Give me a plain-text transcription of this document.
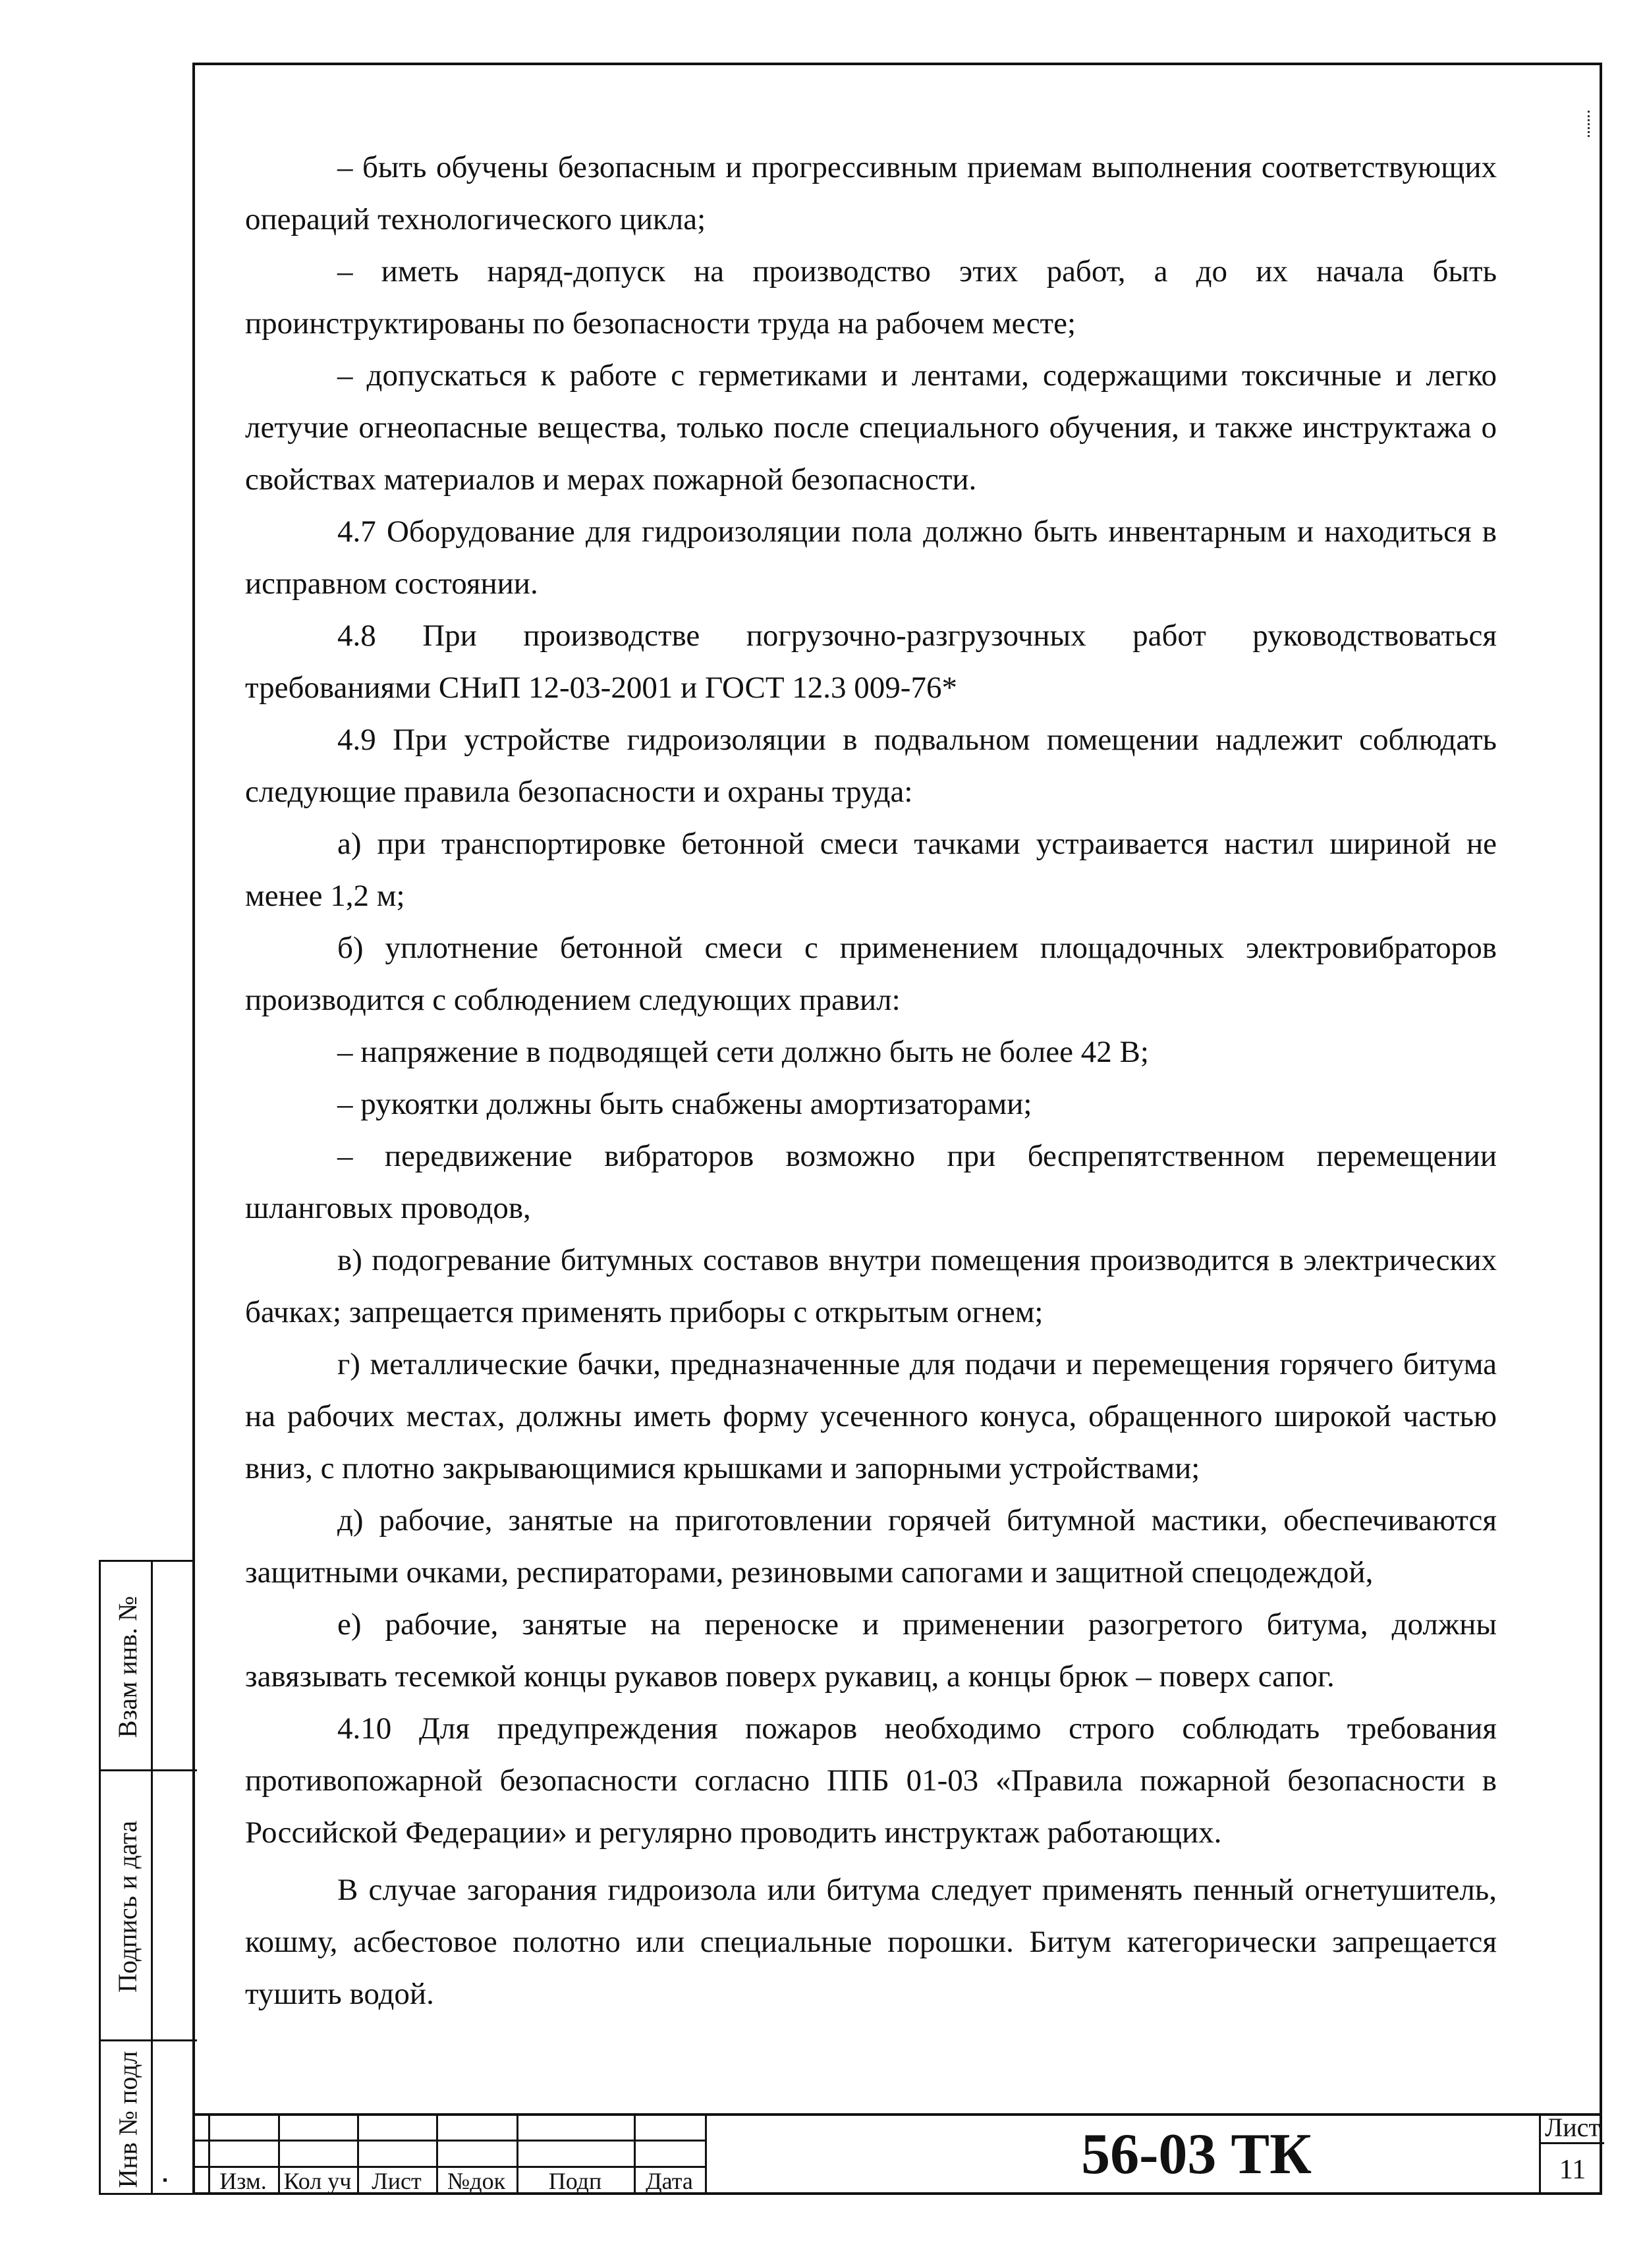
– быть обучены безопасным и прогрессивным приемам выполнения соответствующих операций технологического цикла;

– иметь наряд-допуск на производство этих работ, а до их начала быть проинструктированы по безопасности труда на рабочем месте;

– допускаться к работе с герметиками и лентами, содержащими токсичные и легко летучие огнеопасные вещества, только после специального обучения, и также инструктажа о свойствах материалов и мерах пожарной безопасности.

4.7 Оборудование для гидроизоляции пола должно быть инвентарным и находиться в исправном состоянии.

4.8 При производстве погрузочно-разгрузочных работ руководствоваться требованиями СНиП 12-03-2001 и ГОСТ 12.3 009-76*

4.9 При устройстве гидроизоляции в подвальном помещении надлежит соблюдать следующие правила безопасности и охраны труда:

а) при транспортировке бетонной смеси тачками устраивается настил шириной не менее 1,2 м;

б) уплотнение бетонной смеси с применением площадочных электровибраторов производится с соблюдением следующих правил:

– напряжение в подводящей сети должно быть не более 42 В;

– рукоятки должны быть снабжены амортизаторами;

– передвижение вибраторов возможно при беспрепятственном перемещении шланговых проводов,

в) подогревание битумных составов внутри помещения производится в электрических бачках; запрещается применять приборы с открытым огнем;

г) металлические бачки, предназначенные для подачи и перемещения горячего битума на рабочих местах, должны иметь форму усеченного конуса, обращенного широкой частью вниз, с плотно закрывающимися крышками и запорными устройствами;

д) рабочие, занятые на приготовлении горячей битумной мастики, обеспечиваются защитными очками, респираторами, резиновыми сапогами и защитной спецодеждой,

е) рабочие, занятые на переноске и применении разогретого битума, должны завязывать тесемкой концы рукавов поверх рукавиц, а концы брюк – поверх сапог.

4.10 Для предупреждения пожаров необходимо строго соблюдать требования противопожарной безопасности согласно ППБ 01-03 «Правила пожарной безопасности в Российской Федерации» и регулярно проводить инструктаж работающих.

В случае загорания гидроизола или битума следует применять пенный огнетушитель, кошму, асбестовое полотно или специальные порошки. Битум категорически запрещается тушить водой.

Взам инв. №
Подпись и дата
Инв № подл	Изм. Кол уч Лист	№док	Подп	Дата	56-03 ТК	Лист
11
